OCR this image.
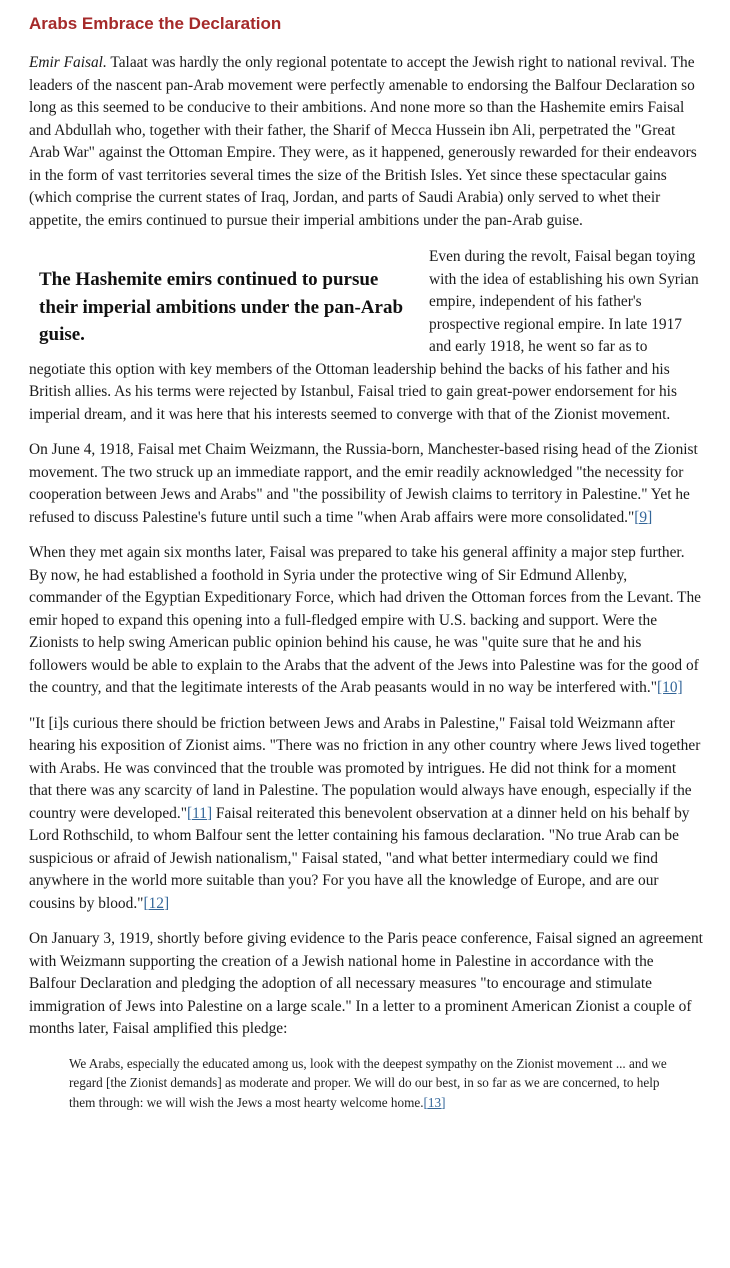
Arabs Embrace the Declaration

Emir Faisal. Talaat was hardly the only regional potentate to accept the Jewish right to national revival. The leaders of the nascent pan-Arab movement were perfectly amenable to endorsing the Balfour Declaration so long as this seemed to be conducive to their ambitions. And none more so than the Hashemite emirs Faisal and Abdullah who, together with their father, the Sharif of Mecca Hussein ibn Ali, perpetrated the "Great Arab War" against the Ottoman Empire. They were, as it happened, generously rewarded for their endeavors in the form of vast territories several times the size of the British Isles. Yet since these spectacular gains (which comprise the current states of Iraq, Jordan, and parts of Saudi Arabia) only served to whet their appetite, the emirs continued to pursue their imperial ambitions under the pan-Arab guise.

The Hashemite emirs continued to pursue their imperial ambitions under the pan-Arab guise.

Even during the revolt, Faisal began toying with the idea of establishing his own Syrian empire, independent of his father's prospective regional empire. In late 1917 and early 1918, he went so far as to negotiate this option with key members of the Ottoman leadership behind the backs of his father and his British allies. As his terms were rejected by Istanbul, Faisal tried to gain great-power endorsement for his imperial dream, and it was here that his interests seemed to converge with that of the Zionist movement.

On June 4, 1918, Faisal met Chaim Weizmann, the Russia-born, Manchester-based rising head of the Zionist movement. The two struck up an immediate rapport, and the emir readily acknowledged "the necessity for cooperation between Jews and Arabs" and "the possibility of Jewish claims to territory in Palestine." Yet he refused to discuss Palestine's future until such a time "when Arab affairs were more consolidated."[9]

When they met again six months later, Faisal was prepared to take his general affinity a major step further. By now, he had established a foothold in Syria under the protective wing of Sir Edmund Allenby, commander of the Egyptian Expeditionary Force, which had driven the Ottoman forces from the Levant. The emir hoped to expand this opening into a full-fledged empire with U.S. backing and support. Were the Zionists to help swing American public opinion behind his cause, he was "quite sure that he and his followers would be able to explain to the Arabs that the advent of the Jews into Palestine was for the good of the country, and that the legitimate interests of the Arab peasants would in no way be interfered with."[10]

"It [i]s curious there should be friction between Jews and Arabs in Palestine," Faisal told Weizmann after hearing his exposition of Zionist aims. "There was no friction in any other country where Jews lived together with Arabs. He was convinced that the trouble was promoted by intrigues. He did not think for a moment that there was any scarcity of land in Palestine. The population would always have enough, especially if the country were developed."[11] Faisal reiterated this benevolent observation at a dinner held on his behalf by Lord Rothschild, to whom Balfour sent the letter containing his famous declaration. "No true Arab can be suspicious or afraid of Jewish nationalism," Faisal stated, "and what better intermediary could we find anywhere in the world more suitable than you? For you have all the knowledge of Europe, and are our cousins by blood."[12]

On January 3, 1919, shortly before giving evidence to the Paris peace conference, Faisal signed an agreement with Weizmann supporting the creation of a Jewish national home in Palestine in accordance with the Balfour Declaration and pledging the adoption of all necessary measures "to encourage and stimulate immigration of Jews into Palestine on a large scale." In a letter to a prominent American Zionist a couple of months later, Faisal amplified this pledge:

We Arabs, especially the educated among us, look with the deepest sympathy on the Zionist movement ... and we regard [the Zionist demands] as moderate and proper. We will do our best, in so far as we are concerned, to help them through: we will wish the Jews a most hearty welcome home.[13]
